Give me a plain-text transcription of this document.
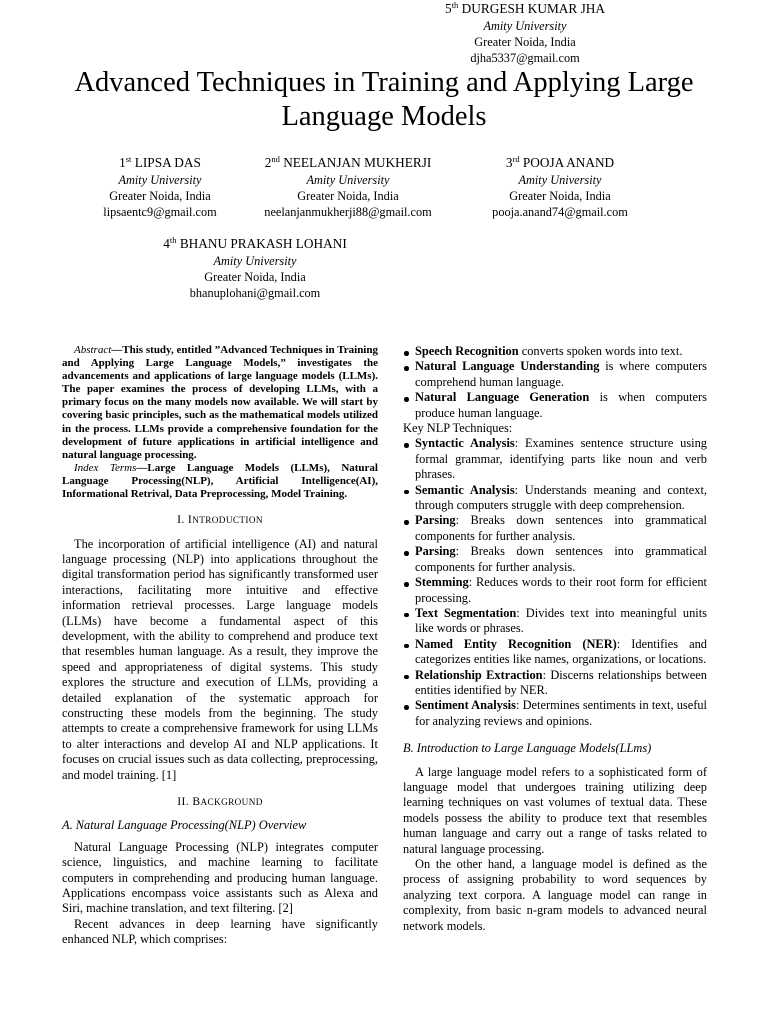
Advanced Techniques in Training and Applying Large Language Models
1st LIPSA DAS
Amity University
Greater Noida, India
lipsaentc9@gmail.com
2nd NEELANJAN MUKHERJI
Amity University
Greater Noida, India
neelanjanmukherji88@gmail.com
3rd POOJA ANAND
Amity University
Greater Noida, India
pooja.anand74@gmail.com
4th BHANU PRAKASH LOHANI
Amity University
Greater Noida, India
bhanuplohani@gmail.com
5th DURGESH KUMAR JHA
Amity University
Greater Noida, India
djha5337@gmail.com

Abstract—This study, entitled ”Advanced Techniques in Training and Applying Large Language Models,” investigates the advancements and applications of large language models (LLMs). The paper examines the process of developing LLMs, with a primary focus on the many models now available. We will start by covering basic principles, such as the mathematical models utilized in the process. LLMs provide a comprehensive foundation for the development of future applications in artificial intelligence and natural language processing.

Index Terms—Large Language Models (LLMs), Natural Language Processing(NLP), Artificial Intelligence(AI), Informational Retrival, Data Preprocessing, Model Training.

I. INTRODUCTION

The incorporation of artificial intelligence (AI) and natural language processing (NLP) into applications throughout the digital transformation period has significantly transformed user interactions, facilitating more intuitive and effective information retrieval processes. Large language models (LLMs) have become a fundamental aspect of this development, with the ability to comprehend and produce text that resembles human language. As a result, they improve the speed and appropriateness of digital systems. This study explores the structure and execution of LLMs, providing a detailed explanation of the systematic approach for constructing these models from the beginning. The study attempts to create a comprehensive framework for using LLMs to alter interactions and develop AI and NLP applications. It focuses on crucial issues such as data collecting, preprocessing, and model training. [1]

II. BACKGROUND
A. Natural Language Processing(NLP) Overview

Natural Language Processing (NLP) integrates computer science, linguistics, and machine learning to facilitate computers in comprehending and producing human language. Applications encompass voice assistants such as Alexa and Siri, machine translation, and text filtering. [2]

Recent advances in deep learning have significantly enhanced NLP, which comprises:

Speech Recognition converts spoken words into text.
Natural Language Understanding is where computers comprehend human language.
Natural Language Generation is when computers produce human language.

Key NLP Techniques:

Syntactic Analysis: Examines sentence structure using formal grammar, identifying parts like noun and verb phrases.
Semantic Analysis: Understands meaning and context, through computers struggle with deep comprehension.
Parsing: Breaks down sentences into grammatical components for further analysis.
Parsing: Breaks down sentences into grammatical components for further analysis.
Stemming: Reduces words to their root form for efficient processing.
Text Segmentation: Divides text into meaningful units like words or phrases.
Named Entity Recognition (NER): Identifies and categorizes entities like names, organizations, or locations.
Relationship Extraction: Discerns relationships between entities identified by NER.
Sentiment Analysis: Determines sentiments in text, useful for analyzing reviews and opinions.
B. Introduction to Large Language Models(LLms)

A large language model refers to a sophisticated form of language model that undergoes training utilizing deep learning techniques on vast volumes of textual data. These models possess the ability to produce text that resembles human language and carry out a range of tasks related to natural language processing.

On the other hand, a language model is defined as the process of assigning probability to word sequences by analyzing text corpora. A language model can range in complexity, from basic n-gram models to advanced neural network models.
